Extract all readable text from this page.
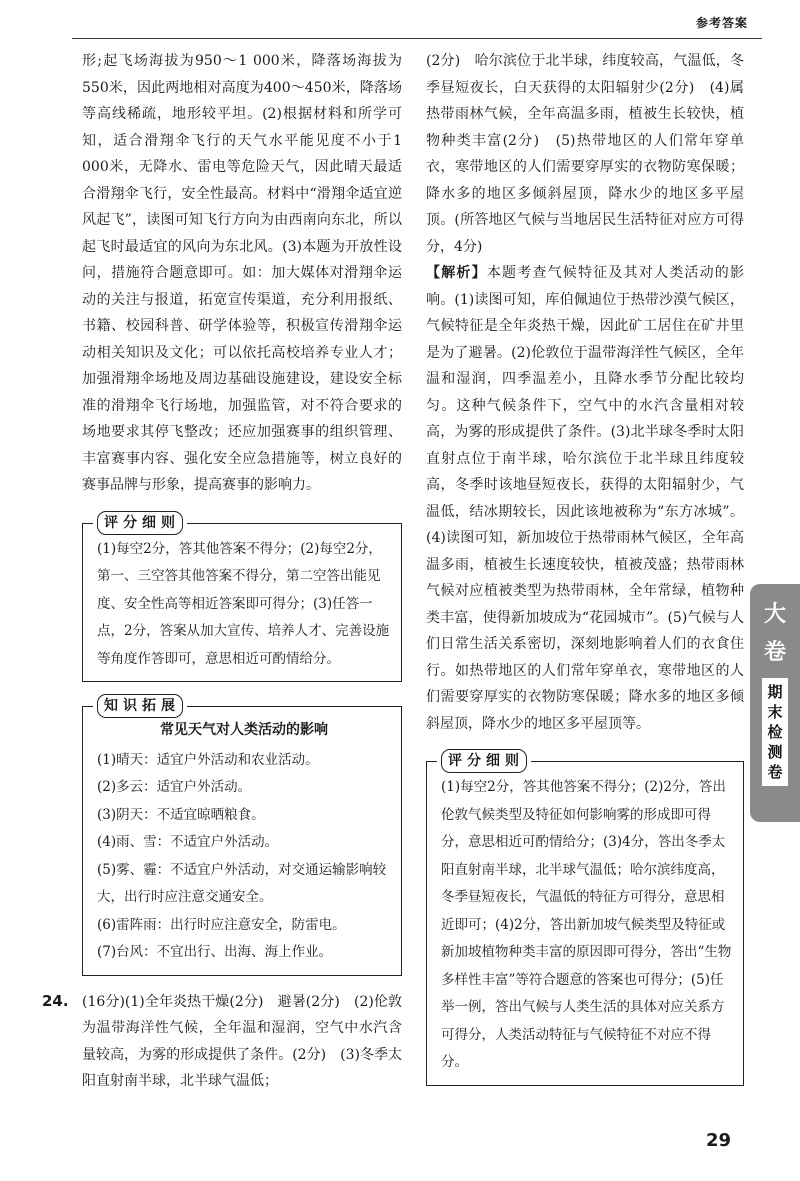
参考答案

形;起飞场海拔为950～1 000米，降落场海拔为550米，因此两地相对高度为400～450米，降落场等高线稀疏，地形较平坦。(2)根据材料和所学可知，适合滑翔伞飞行的天气水平能见度不小于1 000米，无降水、雷电等危险天气，因此晴天最适合滑翔伞飞行，安全性最高。材料中“滑翔伞适宜逆风起飞”，读图可知飞行方向为由西南向东北，所以起飞时最适宜的风向为东北风。(3)本题为开放性设问，措施符合题意即可。如：加大媒体对滑翔伞运动的关注与报道，拓宽宣传渠道，充分利用报纸、书籍、校园科普、研学体验等，积极宣传滑翔伞运动相关知识及文化；可以依托高校培养专业人才；加强滑翔伞场地及周边基础设施建设，建设安全标准的滑翔伞飞行场地，加强监管，对不符合要求的场地要求其停飞整改；还应加强赛事的组织管理、丰富赛事内容、强化安全应急措施等，树立良好的赛事品牌与形象，提高赛事的影响力。

评分细则

(1)每空2分，答其他答案不得分；(2)每空2分，第一、三空答其他答案不得分，第二空答出能见度、安全性高等相近答案即可得分；(3)任答一点，2分，答案从加大宣传、培养人才、完善设施等角度作答即可，意思相近可酌情给分。

知识拓展
常见天气对人类活动的影响

(1)晴天：适宜户外活动和农业活动。

(2)多云：适宜户外活动。

(3)阴天：不适宜晾晒粮食。

(4)雨、雪：不适宜户外活动。

(5)雾、霾：不适宜户外活动，对交通运输影响较大，出行时应注意交通安全。

(6)雷阵雨：出行时应注意安全，防雷电。

(7)台风：不宜出行、出海、海上作业。

24. (16分)(1)全年炎热干燥(2分)　避暑(2分)　(2)伦敦为温带海洋性气候，全年温和湿润，空气中水汽含量较高，为雾的形成提供了条件。(2分)　(3)冬季太阳直射南半球，北半球气温低；

(2分)　哈尔滨位于北半球，纬度较高，气温低，冬季昼短夜长，白天获得的太阳辐射少(2分)　(4)属热带雨林气候，全年高温多雨，植被生长较快，植物种类丰富(2分)　(5)热带地区的人们常年穿单衣，寒带地区的人们需要穿厚实的衣物防寒保暖；降水多的地区多倾斜屋顶，降水少的地区多平屋顶。(所答地区气候与当地居民生活特征对应方可得分，4分)

【解析】本题考查气候特征及其对人类活动的影响。(1)读图可知，库伯佩迪位于热带沙漠气候区，气候特征是全年炎热干燥，因此矿工居住在矿井里是为了避暑。(2)伦敦位于温带海洋性气候区，全年温和湿润，四季温差小，且降水季节分配比较均匀。这种气候条件下，空气中的水汽含量相对较高，为雾的形成提供了条件。(3)北半球冬季时太阳直射点位于南半球，哈尔滨位于北半球且纬度较高，冬季时该地昼短夜长，获得的太阳辐射少，气温低，结冰期较长，因此该地被称为“东方冰城”。(4)读图可知，新加坡位于热带雨林气候区，全年高温多雨，植被生长速度较快，植被茂盛；热带雨林气候对应植被类型为热带雨林，全年常绿，植物种类丰富，使得新加坡成为“花园城市”。(5)气候与人们日常生活关系密切，深刻地影响着人们的衣食住行。如热带地区的人们常年穿单衣，寒带地区的人们需要穿厚实的衣物防寒保暖；降水多的地区多倾斜屋顶，降水少的地区多平屋顶等。

评分细则

(1)每空2分，答其他答案不得分；(2)2分，答出伦敦气候类型及特征如何影响雾的形成即可得分，意思相近可酌情给分；(3)4分，答出冬季太阳直射南半球，北半球气温低；哈尔滨纬度高，冬季昼短夜长，气温低的特征方可得分，意思相近即可；(4)2分，答出新加坡气候类型及特征或新加坡植物种类丰富的原因即可得分，答出“生物多样性丰富”等符合题意的答案也可得分；(5)任举一例，答出气候与人类生活的具体对应关系方可得分，人类活动特征与气候特征不对应不得分。

大
卷
期末检测卷
29
